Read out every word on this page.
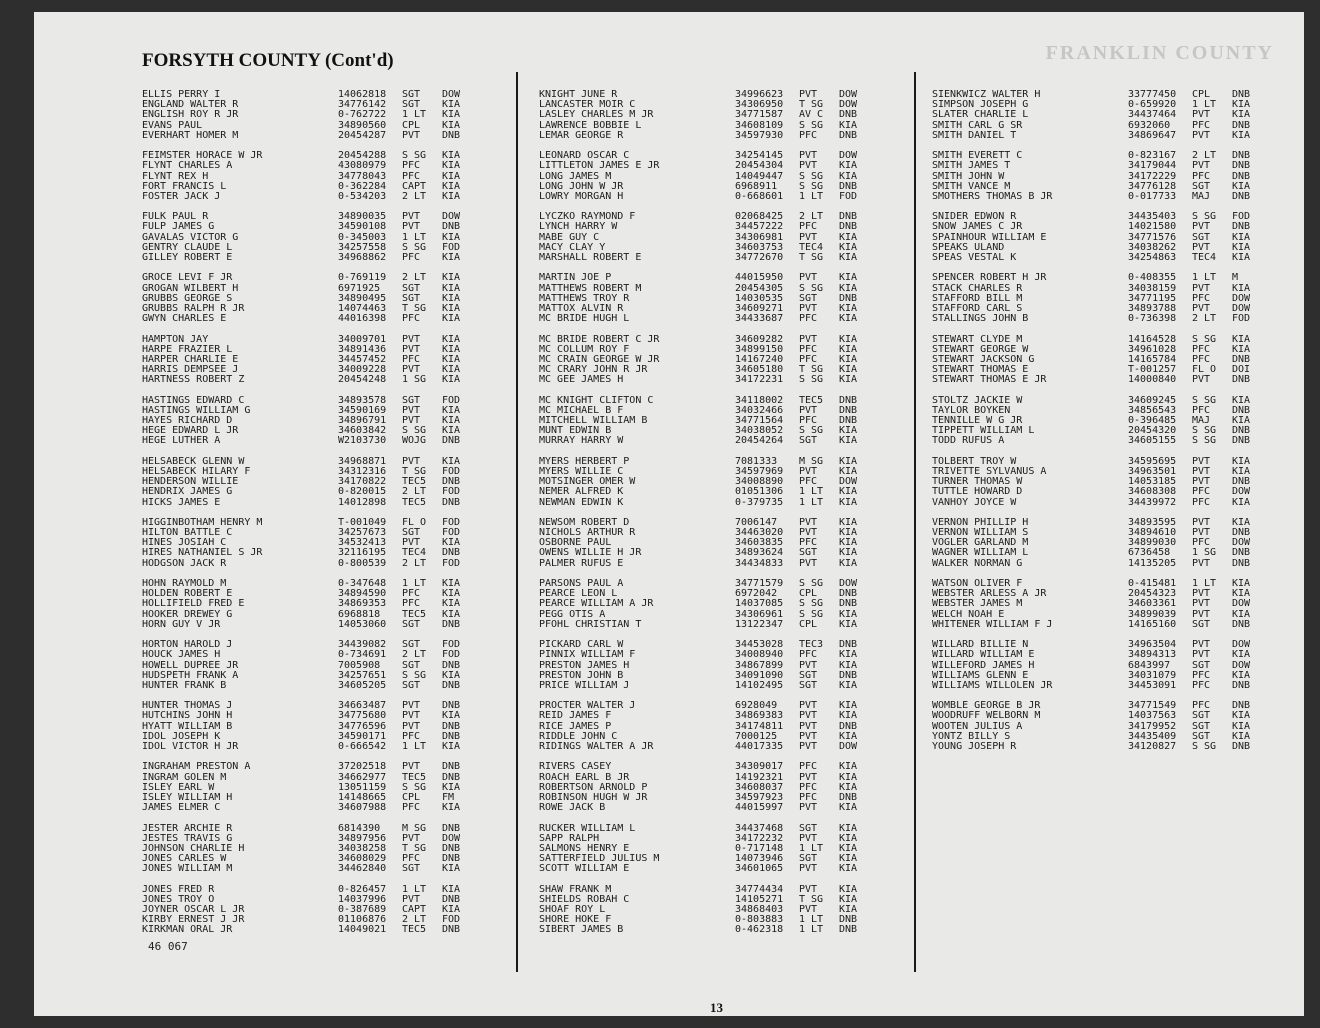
FRANKLIN COUNTY
FORSYTH COUNTY (Cont'd)
ELLIS PERRY I	14062818	SGT	DOW
ENGLAND WALTER R	34776142	SGT	KIA
ENGLISH ROY R JR	0-762722	1 LT	KIA
EVANS PAUL	34890560	CPL	KIA
EVERHART HOMER M	20454287	PVT	DNB
FEIMSTER HORACE W JR	20454288	S SG	KIA
FLYNT CHARLES A	43080979	PFC	KIA
FLYNT REX H	34778043	PFC	KIA
FORT FRANCIS L	0-362284	CAPT	KIA
FOSTER JACK J	0-534203	2 LT	KIA
FULK PAUL R	34890035	PVT	DOW
FULP JAMES G	34590108	PVT	DNB
GAVALAS VICTOR G	0-345003	1 LT	KIA
GENTRY CLAUDE L	34257558	S SG	FOD
GILLEY ROBERT E	34968862	PFC	KIA
GROCE LEVI F JR	0-769119	2 LT	KIA
GROGAN WILBERT H	6971925	SGT	KIA
GRUBBS GEORGE S	34890495	SGT	KIA
GRUBBS RALPH R JR	14074463	T SG	KIA
GWYN CHARLES E	44016398	PFC	KIA
HAMPTON JAY	34009701	PVT	KIA
HARPE FRAZIER L	34891436	PVT	KIA
HARPER CHARLIE E	34457452	PFC	KIA
HARRIS DEMPSEE J	34009228	PVT	KIA
HARTNESS ROBERT Z	20454248	1 SG	KIA
HASTINGS EDWARD C	34893578	SGT	FOD
HASTINGS WILLIAM G	34590169	PVT	KIA
HAYES RICHARD D	34896791	PVT	KIA
HEGE EDWARD L JR	34603842	S SG	KIA
HEGE LUTHER A	W2103730	WOJG	DNB
HELSABECK GLENN W	34968871	PVT	KIA
HELSABECK HILARY F	34312316	T SG	FOD
HENDERSON WILLIE	34170822	TEC5	DNB
HENDRIX JAMES G	0-820015	2 LT	FOD
HICKS JAMES E	14012898	TEC5	DNB
HIGGINBOTHAM HENRY M	T-001049	FL O	FOD
HILTON BATTLE C	34257673	SGT	FOD
HINES JOSIAH C	34532413	PVT	KIA
HIRES NATHANIEL S JR	32116195	TEC4	DNB
HODGSON JACK R	0-800539	2 LT	FOD
HOHN RAYMOLD M	0-347648	1 LT	KIA
HOLDEN ROBERT E	34894590	PFC	KIA
HOLLIFIELD FRED E	34869353	PFC	KIA
HOOKER DREWEY G	6968818	TEC5	KIA
HORN GUY V JR	14053060	SGT	DNB
HORTON HAROLD J	34439082	SGT	FOD
HOUCK JAMES H	0-734691	2 LT	FOD
HOWELL DUPREE JR	7005908	SGT	DNB
HUDSPETH FRANK A	34257651	S SG	KIA
HUNTER FRANK B	34605205	SGT	DNB
HUNTER THOMAS J	34663487	PVT	DNB
HUTCHINS JOHN H	34775680	PVT	KIA
HYATT WILLIAM B	34776596	PVT	DNB
IDOL JOSEPH K	34590171	PFC	DNB
IDOL VICTOR H JR	0-666542	1 LT	KIA
INGRAHAM PRESTON A	37202518	PVT	DNB
INGRAM GOLEN M	34662977	TEC5	DNB
ISLEY EARL W	13051159	S SG	KIA
ISLEY WILLIAM H	14148665	CPL	FM
JAMES ELMER C	34607988	PFC	KIA
JESTER ARCHIE R	6814390	M SG	DNB
JESTES TRAVIS G	34897956	PVT	DOW
JOHNSON CHARLIE H	34038258	T SG	DNB
JONES CARLES W	34608029	PFC	DNB
JONES WILLIAM M	34462840	SGT	KIA
JONES FRED R	0-826457	1 LT	KIA
JONES TROY O	14037996	PVT	DNB
JOYNER OSCAR L JR	0-387689	CAPT	KIA
KIRBY ERNEST J JR	01106876	2 LT	FOD
KIRKMAN ORAL JR	14049021	TEC5	DNB
KNIGHT JUNE R	34996623	PVT	DOW
LANCASTER MOIR C	34306950	T SG	DOW
LASLEY CHARLES M JR	34771587	AV C	DNB
LAWRENCE BOBBIE L	34608109	S SG	KIA
LEMAR GEORGE R	34597930	PFC	DNB
LEONARD OSCAR C	34254145	PVT	DOW
LITTLETON JAMES E JR	20454304	PVT	KIA
LONG JAMES M	14049447	S SG	KIA
LONG JOHN W JR	6968911	S SG	DNB
LOWRY MORGAN H	0-668601	1 LT	FOD
LYCZKO RAYMOND F	02068425	2 LT	DNB
LYNCH HARRY W	34457222	PFC	DNB
MABE GUY C	34306981	PVT	KIA
MACY CLAY Y	34603753	TEC4	KIA
MARSHALL ROBERT E	34772670	T SG	KIA
MARTIN JOE P	44015950	PVT	KIA
MATTHEWS ROBERT M	20454305	S SG	KIA
MATTHEWS TROY R	14030535	SGT	DNB
MATTOX ALVIN R	34609271	PVT	KIA
MC BRIDE HUGH L	34433687	PFC	KIA
MC BRIDE ROBERT C JR	34609282	PVT	KIA
MC COLLUM ROY F	34899150	PFC	KIA
MC CRAIN GEORGE W JR	14167240	PFC	KIA
MC CRARY JOHN R JR	34605180	T SG	KIA
MC GEE JAMES H	34172231	S SG	KIA
MC KNIGHT CLIFTON C	34118002	TEC5	DNB
MC MICHAEL B F	34032466	PVT	DNB
MITCHELL WILLIAM B	34771564	PFC	DNB
MUNT EDWIN B	34038052	S SG	KIA
MURRAY HARRY W	20454264	SGT	KIA
MYERS HERBERT P	7081333	M SG	KIA
MYERS WILLIE C	34597969	PVT	KIA
MOTSINGER OMER W	34008890	PFC	DOW
NEMER ALFRED K	01051306	1 LT	KIA
NEWMAN EDWIN K	0-379735	1 LT	KIA
NEWSOM ROBERT D	7006147	PVT	KIA
NICHOLS ARTHUR R	34463020	PVT	KIA
OSBORNE PAUL	34603835	PFC	KIA
OWENS WILLIE H JR	34893624	SGT	KIA
PALMER RUFUS E	34434833	PVT	KIA
PARSONS PAUL A	34771579	S SG	DOW
PEARCE LEON L	6972042	CPL	DNB
PEARCE WILLIAM A JR	14037085	S SG	DNB
PEGG OTIS A	34306961	S SG	KIA
PFOHL CHRISTIAN T	13122347	CPL	KIA
PICKARD CARL W	34453028	TEC3	DNB
PINNIX WILLIAM F	34008940	PFC	KIA
PRESTON JAMES H	34867899	PVT	KIA
PRESTON JOHN B	34091090	SGT	DNB
PRICE WILLIAM J	14102495	SGT	KIA
PROCTER WALTER J	6928049	PVT	KIA
REID JAMES F	34869383	PVT	KIA
RICE JAMES P	34174811	PVT	DNB
RIDDLE JOHN C	7000125	PVT	KIA
RIDINGS WALTER A JR	44017335	PVT	DOW
RIVERS CASEY	34309017	PFC	KIA
ROACH EARL B JR	14192321	PVT	KIA
ROBERTSON ARNOLD P	34608037	PFC	KIA
ROBINSON HUGH W JR	34597923	PFC	DNB
ROWE JACK B	44015997	PVT	KIA
RUCKER WILLIAM L	34437468	SGT	KIA
SAPP RALPH	34172232	PVT	KIA
SALMONS HENRY E	0-717148	1 LT	KIA
SATTERFIELD JULIUS M	14073946	SGT	KIA
SCOTT WILLIAM E	34601065	PVT	KIA
SHAW FRANK M	34774434	PVT	KIA
SHIELDS ROBAH C	14105271	T SG	KIA
SHOAF ROY L	34868403	PVT	KIA
SHORE HOKE F	0-803883	1 LT	DNB
SIBERT JAMES B	0-462318	1 LT	DNB
SIENKWICZ WALTER H	33777450	CPL	DNB
SIMPSON JOSEPH G	0-659920	1 LT	KIA
SLATER CHARLIE L	34437464	PVT	KIA
SMITH CARL G SR	6932060	PFC	DNB
SMITH DANIEL T	34869647	PVT	KIA
SMITH EVERETT C	0-823167	2 LT	DNB
SMITH JAMES T	34179044	PVT	DNB
SMITH JOHN W	34172229	PFC	DNB
SMITH VANCE M	34776128	SGT	KIA
SMOTHERS THOMAS B JR	0-017733	MAJ	DNB
SNIDER EDWON R	34435403	S SG	FOD
SNOW JAMES C JR	14021580	PVT	DNB
SPAINHOUR WILLIAM E	34771576	SGT	KIA
SPEAKS ULAND	34038262	PVT	KIA
SPEAS VESTAL K	34254863	TEC4	KIA
SPENCER ROBERT H JR	0-408355	1 LT	M
STACK CHARLES R	34038159	PVT	KIA
STAFFORD BILL M	34771195	PFC	DOW
STAFFORD CARL S	34893788	PVT	DOW
STALLINGS JOHN B	0-736398	2 LT	FOD
STEWART CLYDE M	14164528	S SG	KIA
STEWART GEORGE W	34961028	PFC	KIA
STEWART JACKSON G	14165784	PFC	DNB
STEWART THOMAS E	T-001257	FL O	DOI
STEWART THOMAS E JR	14000840	PVT	DNB
STOLTZ JACKIE W	34609245	S SG	KIA
TAYLOR BOYKEN	34856543	PFC	DNB
TENNILLE W G JR	0-396485	MAJ	KIA
TIPPETT WILLIAM L	20454320	S SG	DNB
TODD RUFUS A	34605155	S SG	DNB
TOLBERT TROY W	34595695	PVT	KIA
TRIVETTE SYLVANUS A	34963501	PVT	KIA
TURNER THOMAS W	14053185	PVT	DNB
TUTTLE HOWARD D	34608308	PFC	DOW
VANHOY JOYCE W	34439972	PFC	KIA
VERNON PHILLIP H	34893595	PVT	KIA
VERNON WILLIAM S	34894610	PVT	DNB
VOGLER GARLAND M	34899030	PFC	DOW
WAGNER WILLIAM L	6736458	1 SG	DNB
WALKER NORMAN G	14135205	PVT	DNB
WATSON OLIVER F	0-415481	1 LT	KIA
WEBSTER ARLESS A JR	20454323	PVT	KIA
WEBSTER JAMES M	34603361	PVT	DOW
WELCH NOAH E	34899039	PVT	KIA
WHITENER WILLIAM F J	14165160	SGT	DNB
WILLARD BILLIE N	34963504	PVT	DOW
WILLARD WILLIAM E	34894313	PVT	KIA
WILLEFORD JAMES H	6843997	SGT	DOW
WILLIAMS GLENN E	34031079	PFC	KIA
WILLIAMS WILLOLEN JR	34453091	PFC	DNB
WOMBLE GEORGE B JR	34771549	PFC	DNB
WOODRUFF WELBORN M	14037563	SGT	KIA
WOOTEN JULIUS A	34179952	SGT	KIA
YONTZ BILLY S	34435409	SGT	KIA
YOUNG JOSEPH R	34120827	S SG	DNB
46 067
13
